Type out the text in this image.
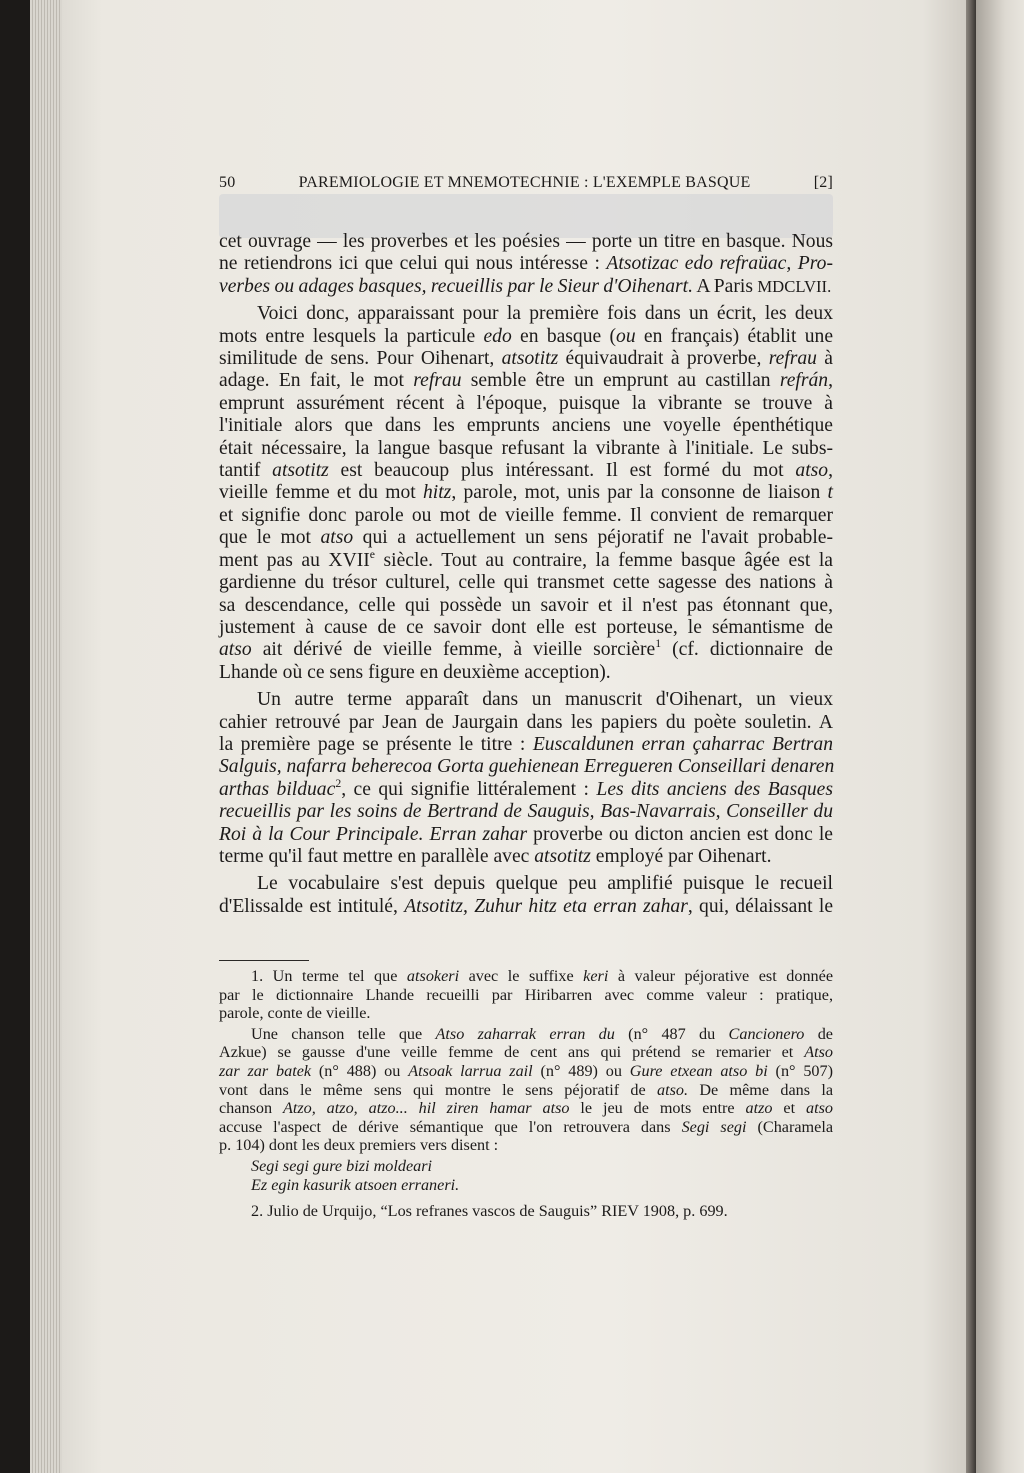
50	PAREMIOLOGIE ET MNEMOTECHNIE : L'EXEMPLE BASQUE	[2]
cet ouvrage — les proverbes et les poésies — porte un titre en basque. Nous
ne retiendrons ici que celui qui nous intéresse : Atsotizac edo refraüac, Pro-
verbes ou adages basques, recueillis par le Sieur d'Oihenart. A Paris MDCLVII.
Voici donc, apparaissant pour la première fois dans un écrit, les deux
mots entre lesquels la particule edo en basque (ou en français) établit une
similitude de sens. Pour Oihenart, atsotitz équivaudrait à proverbe, refrau à
adage. En fait, le mot refrau semble être un emprunt au castillan refrán,
emprunt assurément récent à l'époque, puisque la vibrante se trouve à
l'initiale alors que dans les emprunts anciens une voyelle épenthétique
était nécessaire, la langue basque refusant la vibrante à l'initiale. Le subs-
tantif atsotitz est beaucoup plus intéressant. Il est formé du mot atso,
vieille femme et du mot hitz, parole, mot, unis par la consonne de liaison t
et signifie donc parole ou mot de vieille femme. Il convient de remarquer
que le mot atso qui a actuellement un sens péjoratif ne l'avait probable-
ment pas au XVIIe siècle. Tout au contraire, la femme basque âgée est la
gardienne du trésor culturel, celle qui transmet cette sagesse des nations à
sa descendance, celle qui possède un savoir et il n'est pas étonnant que,
justement à cause de ce savoir dont elle est porteuse, le sémantisme de
atso ait dérivé de vieille femme, à vieille sorcière$^1$ (cf. dictionnaire de
Lhande où ce sens figure en deuxième acception).
Un autre terme apparaît dans un manuscrit d'Oihenart, un vieux
cahier retrouvé par Jean de Jaurgain dans les papiers du poète souletin. A
la première page se présente le titre : Euscaldunen erran çaharrac Bertran
Salguis, nafarra beherecoa Gorta guehienean Erregueren Conseillari denaren
arthas bilduac$^2$, ce qui signifie littéralement : Les dits anciens des Basques
recueillis par les soins de Bertrand de Sauguis, Bas-Navarrais, Conseiller du
Roi à la Cour Principale. Erran zahar proverbe ou dicton ancien est donc le
terme qu'il faut mettre en parallèle avec atsotitz employé par Oihenart.
Le vocabulaire s'est depuis quelque peu amplifié puisque le recueil
d'Elissalde est intitulé, Atsotitz, Zuhur hitz eta erran zahar, qui, délaissant le
1. Un terme tel que atsokeri avec le suffixe keri à valeur péjorative est donnée
par le dictionnaire Lhande recueilli par Hiribarren avec comme valeur : pratique,
parole, conte de vieille.
Une chanson telle que Atso zaharrak erran du (n° 487 du Cancionero de
Azkue) se gausse d'une veille femme de cent ans qui prétend se remarier et Atso
zar zar batek (n° 488) ou Atsoak larrua zail (n° 489) ou Gure etxean atso bi (n° 507)
vont dans le même sens qui montre le sens péjoratif de atso. De même dans la
chanson Atzo, atzo, atzo... hil ziren hamar atso le jeu de mots entre atzo et atso
accuse l'aspect de dérive sémantique que l'on retrouvera dans Segi segi (Charamela
p. 104) dont les deux premiers vers disent :
Segi segi gure bizi moldeari
Ez egin kasurik atsoen erraneri.
2. Julio de Urquijo, “Los refranes vascos de Sauguis” RIEV 1908, p. 699.
